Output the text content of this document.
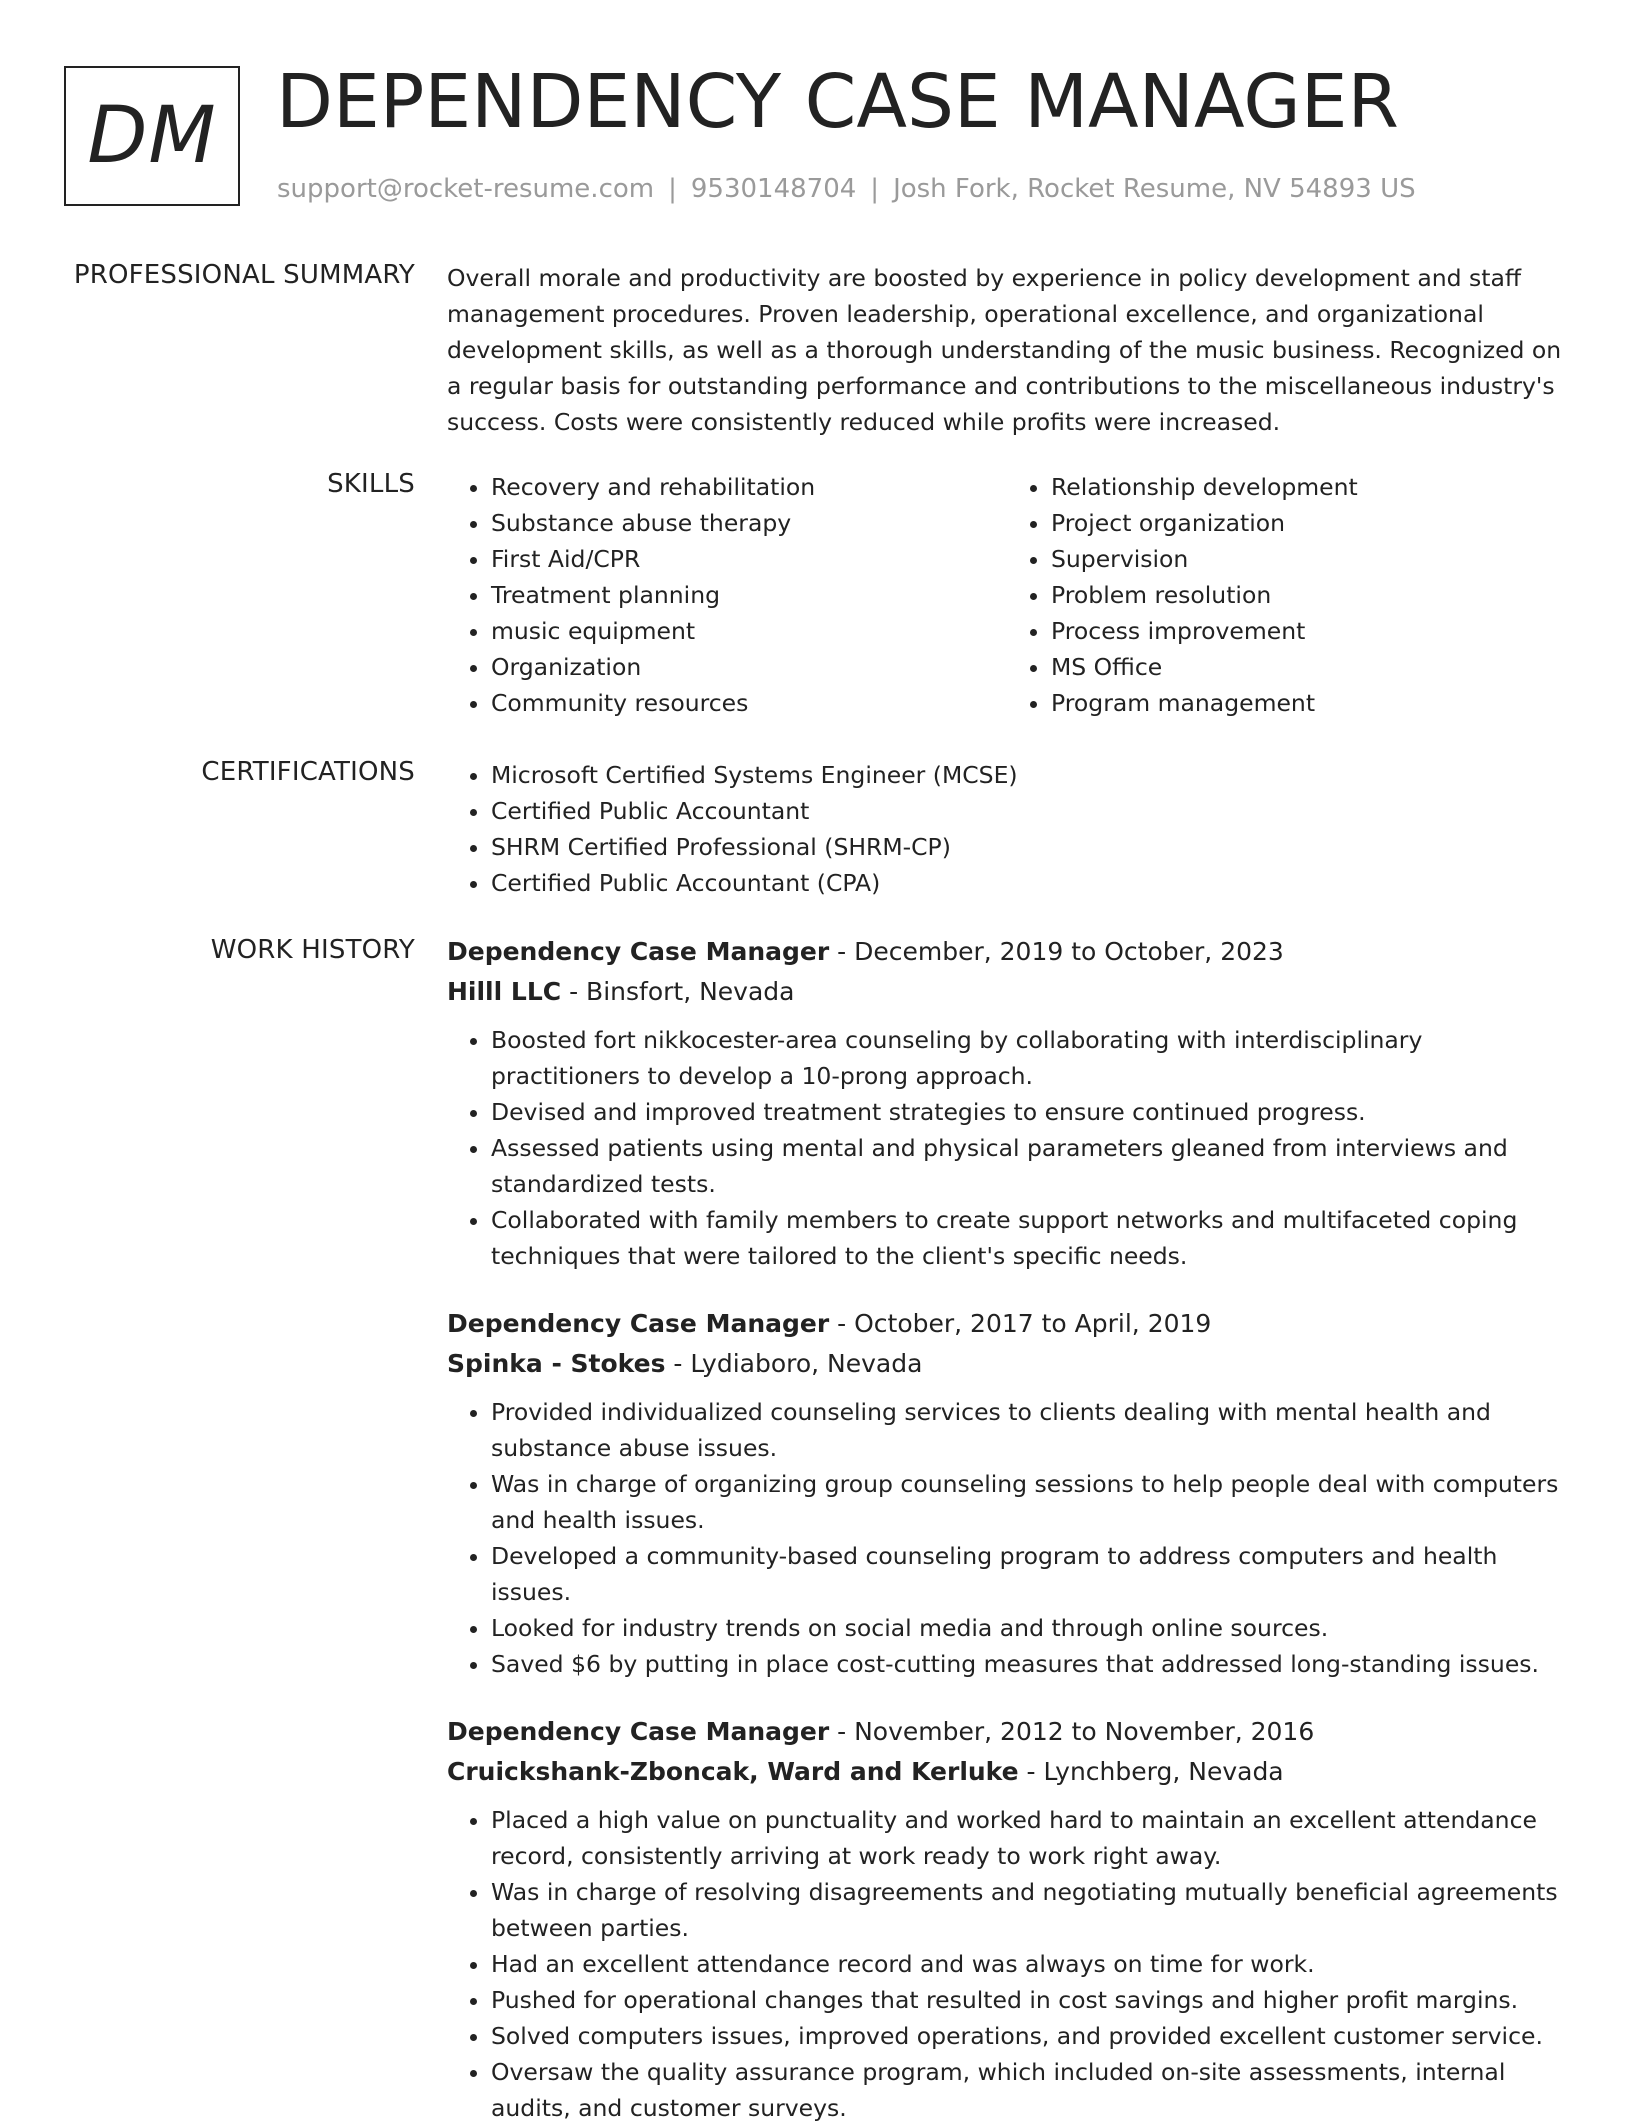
DM DEPENDENCY CASE MANAGER
support@rocket-resume.com | 9530148704 | Josh Fork, Rocket Resume, NV 54893 US
PROFESSIONAL SUMMARY Overall morale and productivity are boosted by experience in policy development and staff management procedures. Proven leadership, operational excellence, and organizational development skills, as well as a thorough understanding of the music business. Recognized on a regular basis for outstanding performance and contributions to the miscellaneous industry's success. Costs were consistently reduced while profits were increased.

SKILLS	• Recovery and rehabilitation
• Substance abuse therapy
• First Aid/CPR
• Treatment planning
• music equipment
• Organization
• Community resources
• Relationship development
• Project organization
• Supervision
• Problem resolution
• Process improvement
• MS Office
• Program management
CERTIFICATIONS	• Microsoft Certified Systems Engineer (MCSE)
• Certified Public Accountant
• SHRM Certified Professional (SHRM-CP)
• Certified Public Accountant (CPA)
WORK HISTORY Dependency Case Manager - December, 2019 to October, 2023
Hilll LLC - Binsfort, Nevada
• Boosted fort nikkocester-area counseling by collaborating with interdisciplinary practitioners to develop a 10-prong approach.
• Devised and improved treatment strategies to ensure continued progress.
• Assessed patients using mental and physical parameters gleaned from interviews and standardized tests.
• Collaborated with family members to create support networks and multifaceted coping techniques that were tailored to the client's specific needs.
Dependency Case Manager - October, 2017 to April, 2019
Spinka - Stokes - Lydiaboro, Nevada
• Provided individualized counseling services to clients dealing with mental health and substance abuse issues.
• Was in charge of organizing group counseling sessions to help people deal with computers and health issues.
• Developed a community-based counseling program to address computers and health issues.
• Looked for industry trends on social media and through online sources.
• Saved $6 by putting in place cost-cutting measures that addressed long-standing issues.
Dependency Case Manager - November, 2012 to November, 2016
Cruickshank-Zboncak, Ward and Kerluke - Lynchberg, Nevada
• Placed a high value on punctuality and worked hard to maintain an excellent attendance record, consistently arriving at work ready to work right away.
• Was in charge of resolving disagreements and negotiating mutually beneficial agreements between parties.
• Had an excellent attendance record and was always on time for work.
• Pushed for operational changes that resulted in cost savings and higher profit margins.
• Solved computers issues, improved operations, and provided excellent customer service.
• Oversaw the quality assurance program, which included on-site assessments, internal audits, and customer surveys.
